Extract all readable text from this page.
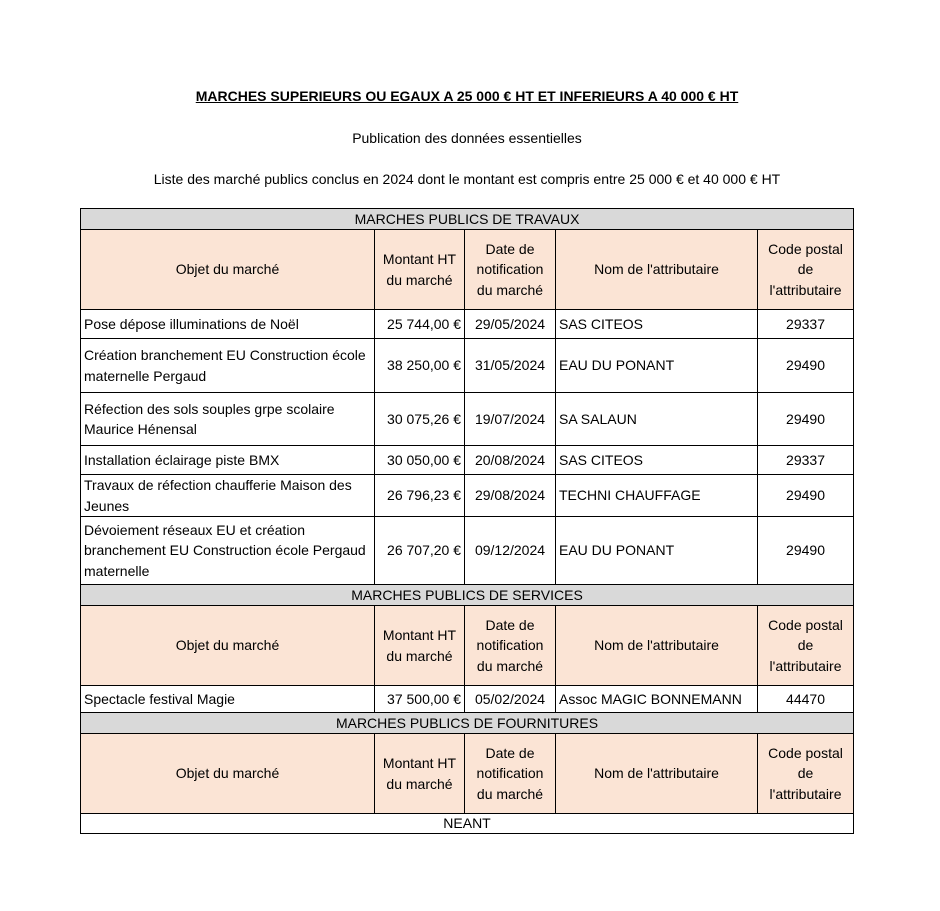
MARCHES SUPERIEURS OU EGAUX A 25 000 € HT ET INFERIEURS A 40 000 € HT
Publication des données essentielles
Liste des marché publics conclus en 2024 dont le montant est compris entre 25 000 € et 40 000 € HT
MARCHES PUBLICS DE TRAVAUX				
Objet du marché	Montant HT du marché	Date de notification du marché	Nom de l'attributaire	Code postal de l'attributaire
Pose dépose illuminations de Noël	25 744,00 €	29/05/2024	SAS CITEOS	29337
Création branchement EU Construction école maternelle Pergaud	38 250,00 €	31/05/2024	EAU DU PONANT	29490
Réfection des sols souples grpe scolaire Maurice Hénensal	30 075,26 €	19/07/2024	SA SALAUN	29490
Installation éclairage piste BMX	30 050,00 €	20/08/2024	SAS CITEOS	29337
Travaux de réfection chaufferie Maison des Jeunes	26 796,23 €	29/08/2024	TECHNI CHAUFFAGE	29490
Dévoiement réseaux EU et création branchement EU Construction école Pergaud maternelle	26 707,20 €	09/12/2024	EAU DU PONANT	29490
MARCHES PUBLICS DE SERVICES				
Objet du marché	Montant HT du marché	Date de notification du marché	Nom de l'attributaire	Code postal de l'attributaire
Spectacle festival Magie	37 500,00 €	05/02/2024	Assoc MAGIC BONNEMANN	44470
MARCHES PUBLICS DE FOURNITURES				
Objet du marché	Montant HT du marché	Date de notification du marché	Nom de l'attributaire	Code postal de l'attributaire
NEANT				
